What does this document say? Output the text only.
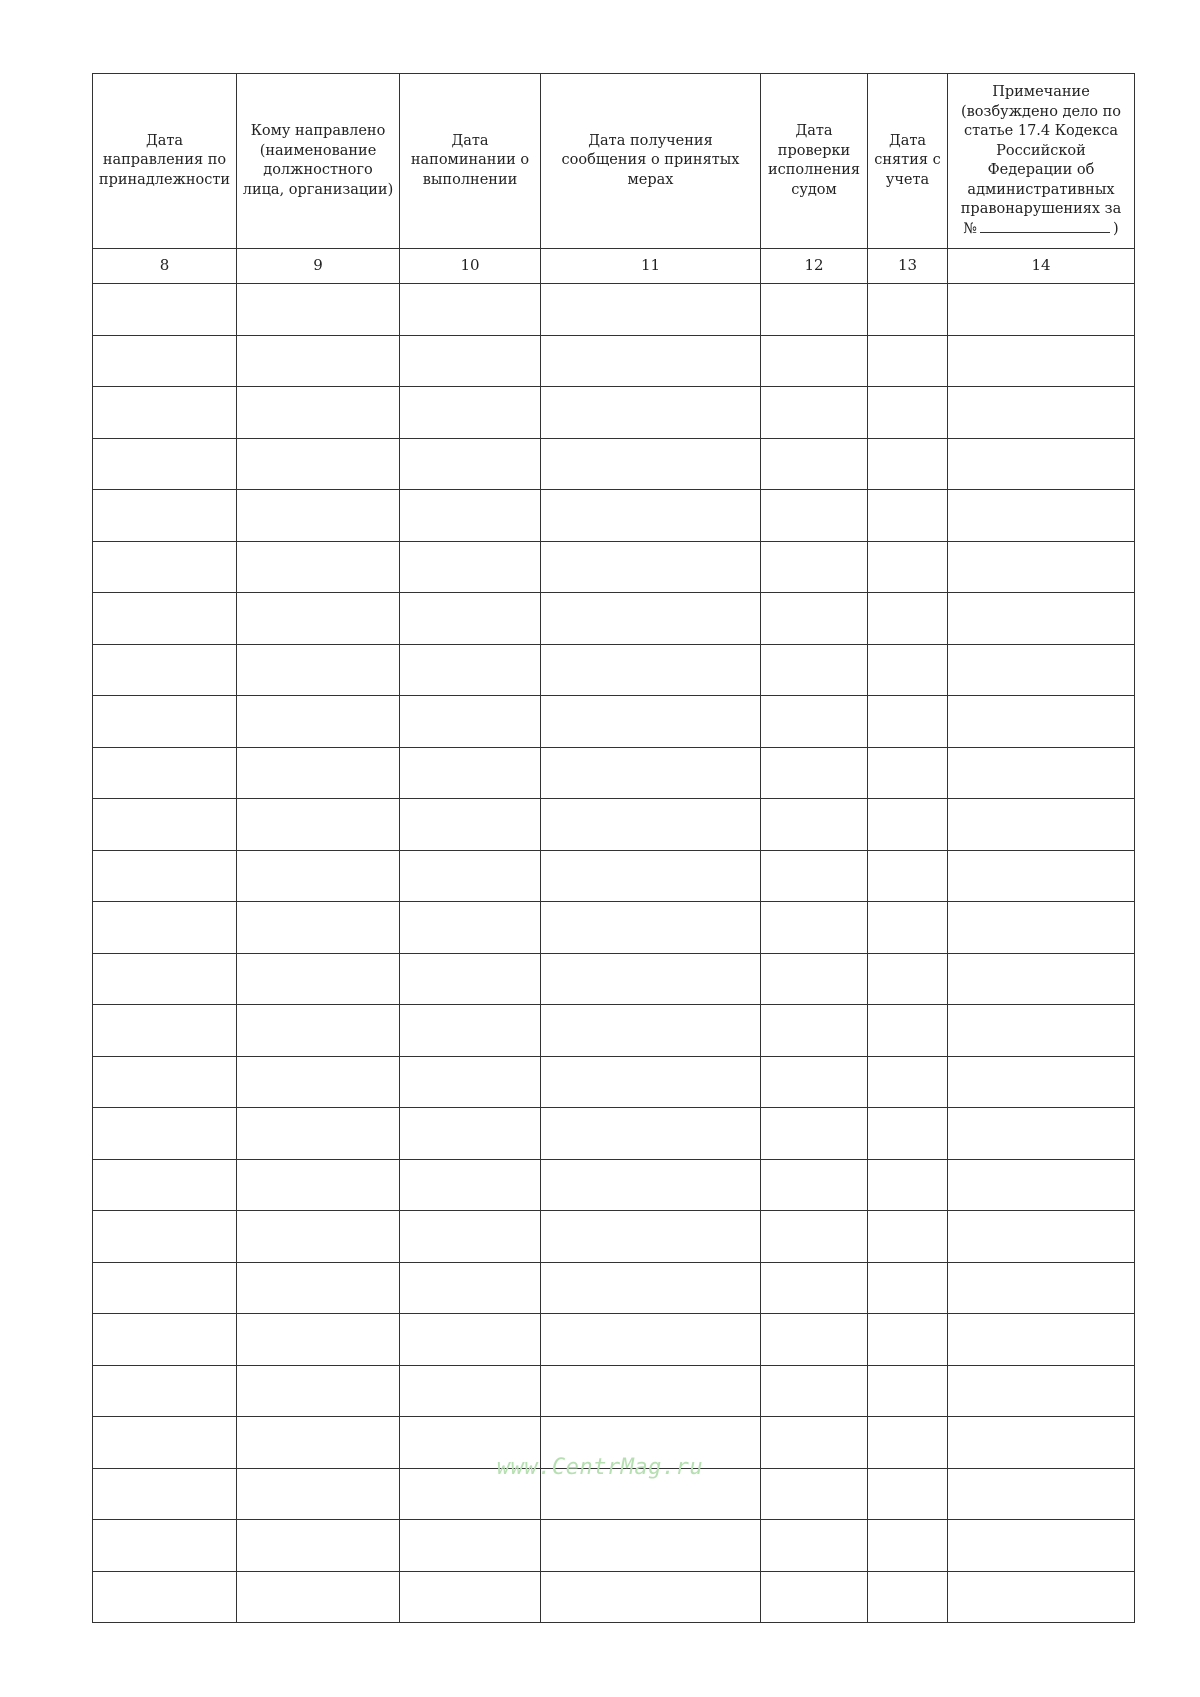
Дата направления по принадлежности	Кому направлено (наименование должностного лица, организации)	Дата напоминании о выполнении	Дата получения сообщения о принятых мерах	Дата проверки исполнения судом	Дата снятия с учета	Примечание (возбуждено дело по статье 17.4 Кодекса Российской Федерации об административных правонарушениях за
№ )
8	9	10	11	12	13	14

www.CentrMag.ru
